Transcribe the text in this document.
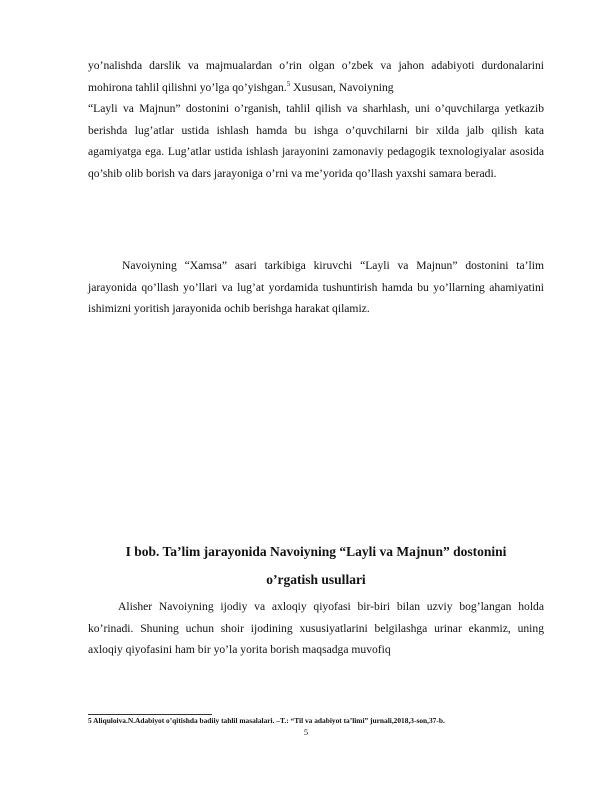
yo’nalishda darslik va majmualardan o’rin olgan o’zbek va jahon adabiyoti durdonalarini mohirona tahlil qilishni yo’lga qo’yishgan.$^5$ Xususan, Navoiyning

“Layli va Majnun” dostonini o’rganish, tahlil qilish va sharhlash, uni o’quvchilarga yetkazib berishda lug’atlar ustida ishlash hamda bu ishga o’quvchilarni bir xilda jalb qilish kata agamiyatga ega. Lug’atlar ustida ishlash jarayonini zamonaviy pedagogik texnologiyalar asosida qo’shib olib borish va dars jarayoniga o’rni va me’yorida qo’llash yaxshi samara beradi.

Navoiyning “Xamsa” asari tarkibiga kiruvchi “Layli va Majnun” dostonini ta’lim jarayonida qo’llash yo’llari va lug’at yordamida tushuntirish hamda bu yo’llarning ahamiyatini ishimizni yoritish jarayonida ochib berishga harakat qilamiz.

I bob. Ta’lim jarayonida Navoiyning “Layli va Majnun” dostonini
o’rgatish usullari

Alisher Navoiyning ijodiy va axloqiy qiyofasi bir-biri bilan uzviy bog’langan holda ko’rinadi. Shuning uchun shoir ijodining xususiyatlarini belgilashga urinar ekanmiz, uning axloqiy qiyofasini ham bir yo’la yorita borish maqsadga muvofiq

5 Aliquloiva.N.Adabiyot o’qitishda badiiy tahlil masalalari. –T.: “Til va adabiyot ta’limi” jurnali,2018,3-son,37-b.
5
